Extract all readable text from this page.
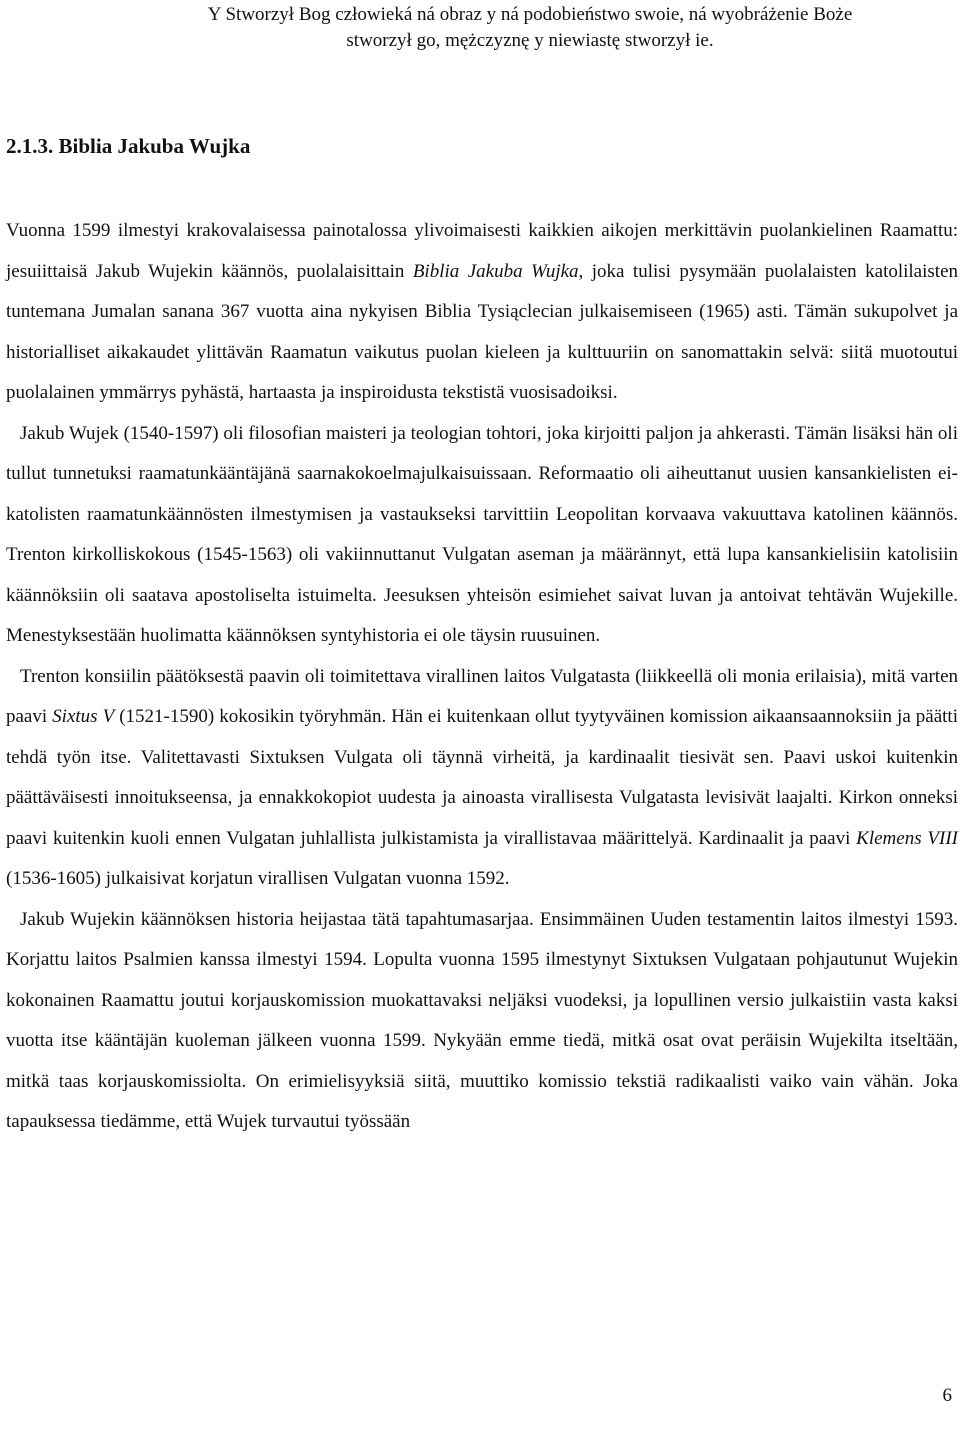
Y Stworzył Bog człowieká ná obraz y ná podobieństwo swoie, ná wyobráżenie Boże
stworzył go, mężczyznę y niewiastę stworzył ie.
2.1.3. Biblia Jakuba Wujka

Vuonna 1599 ilmestyi krakovalaisessa painotalossa ylivoimaisesti kaikkien aikojen merkittävin puolankielinen Raamattu: jesuiittaisä Jakub Wujekin käännös, puolalaisittain Biblia Jakuba Wujka, joka tulisi pysymään puolalaisten katolilaisten tuntemana Jumalan sanana 367 vuotta aina nykyisen Biblia Tysiąclecian julkaisemiseen (1965) asti. Tämän sukupolvet ja historialliset aikakaudet ylittävän Raamatun vaikutus puolan kieleen ja kulttuuriin on sanomattakin selvä: siitä muotoutui puolalainen ymmärrys pyhästä, hartaasta ja inspiroidusta tekstistä vuosisadoiksi.

Jakub Wujek (1540-1597) oli filosofian maisteri ja teologian tohtori, joka kirjoitti paljon ja ahkerasti. Tämän lisäksi hän oli tullut tunnetuksi raamatunkääntäjänä saarnakokoelmajulkaisuissaan. Reformaatio oli aiheuttanut uusien kansankielisten ei-katolisten raamatunkäännösten ilmestymisen ja vastaukseksi tarvittiin Leopolitan korvaava vakuuttava katolinen käännös. Trenton kirkolliskokous (1545-1563) oli vakiinnuttanut Vulgatan aseman ja määrännyt, että lupa kansankielisiin katolisiin käännöksiin oli saatava apostoliselta istuimelta. Jeesuksen yhteisön esimiehet saivat luvan ja antoivat tehtävän Wujekille. Menestyksestään huolimatta käännöksen syntyhistoria ei ole täysin ruusuinen.

Trenton konsiilin päätöksestä paavin oli toimitettava virallinen laitos Vulgatasta (liikkeellä oli monia erilaisia), mitä varten paavi Sixtus V (1521-1590) kokosikin työryhmän. Hän ei kuitenkaan ollut tyytyväinen komission aikaansaannoksiin ja päätti tehdä työn itse. Valitettavasti Sixtuksen Vulgata oli täynnä virheitä, ja kardinaalit tiesivät sen. Paavi uskoi kuitenkin päättäväisesti innoitukseensa, ja ennakkokopiot uudesta ja ainoasta virallisesta Vulgatasta levisivät laajalti. Kirkon onneksi paavi kuitenkin kuoli ennen Vulgatan juhlallista julkistamista ja virallistavaa määrittelyä. Kardinaalit ja paavi Klemens VIII (1536-1605) julkaisivat korjatun virallisen Vulgatan vuonna 1592.

Jakub Wujekin käännöksen historia heijastaa tätä tapahtumasarjaa. Ensimmäinen Uuden testamentin laitos ilmestyi 1593. Korjattu laitos Psalmien kanssa ilmestyi 1594. Lopulta vuonna 1595 ilmestynyt Sixtuksen Vulgataan pohjautunut Wujekin kokonainen Raamattu joutui korjauskomission muokattavaksi neljäksi vuodeksi, ja lopullinen versio julkaistiin vasta kaksi vuotta itse kääntäjän kuoleman jälkeen vuonna 1599. Nykyään emme tiedä, mitkä osat ovat peräisin Wujekilta itseltään, mitkä taas korjauskomissiolta. On erimielisyyksiä siitä, muuttiko komissio tekstiä radikaalisti vaiko vain vähän. Joka tapauksessa tiedämme, että Wujek turvautui työssään

6
